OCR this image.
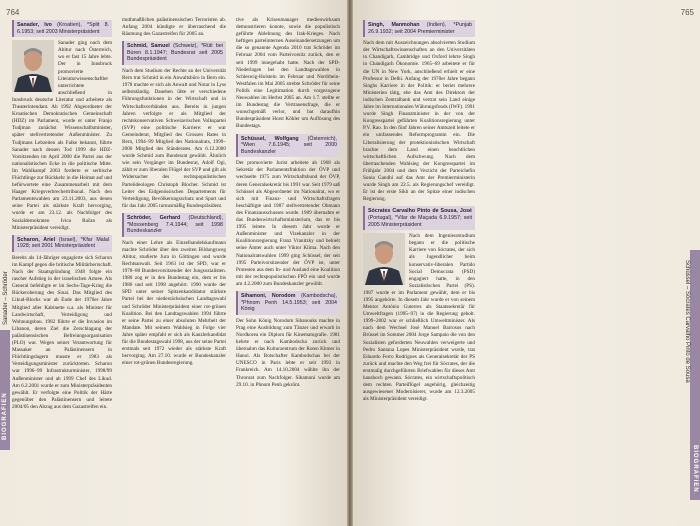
764
Sanader, Ivo (Kroatien), *Split 8. 6.1953; seit 2003 Ministerpräsident

Sanader ging nach dem Abitur nach Österreich, wo er fast 15 Jahre lebte. Der in Innsbruck promovierte Literaturwissenschaftler unterrichtete anschließend in Innsbruck deutsche Literatur und arbeitete als Theaterintendant. Ab 1992 Abgeordneter der Kroatischen Demokratischen Gemeinschaft (HDZ) im Parlament, wurde er unter Franjo Tudjman zunächst Wissenschaftsminister, später stellvertretender Außenminister. Zu Tudjmans Lebzeiten als Falke bekannt, führte Sanader nach dessen Tod 1999 die HDZ-Vorsitzenden im April 2000 die Partei aus der nationalistischen Ecke in die politische Mitte. Im Wahlkampf 2003 forderte er serbische Flüchtlinge zur Rückkehr in die Heimat auf und befürwortete eine Zusammenarbeit mit dem Haager Kriegsverbrechertribunal. Nach den Parlamentswahlen am 23.11.2003, aus denen seine Partei als stärkste Kraft hervorging, wurde er am 23.12. als Nachfolger des Sozialdemokraten Ivica Račan als Ministerpräsident vereidigt.

Scharon, Ariel (Israel), *Kfar Malal 1928; seit 2001 Ministerpräsident

Bereits als 14-Jähriger engagierte sich Scharon im Kampf gegen die britische Militärherrschaft. Nach der Staatsgründung 1948 folgte ein rascher Aufstieg in der israelischen Armee. Als General befehligte er im Sechs-Tage-Krieg die Rückeroberung des Sinai. Das Mitglied des Likud-Blocks war ab Ende der 1970er Jahre Mitglied aller Kabinette u.a. als Minister für Landwirtschaft, Verteidigung und Wohnungsbau. 1982 führte er die Invasion im Libanon, deren Ziel die Zerschlagung der palästinensischen Befreiungsorganisation (PLO) war. Wegen seiner Verantwortung für Massaker an Palästinensern in Flüchtlingslagern musste er 1983 als Verteidigungsminister zurücktreten. Scharon war 1996–99 Infrastrukturminister, 1998/99 Außenminister und ab 1999 Chef des Likud. Am 6.2.2001 wurde er zum Ministerpräsidenten gewählt. Er verfolgte eine Politik der Härte gegenüber den Palästinensern und leitete 2004/05 den Abzug aus dem Gazastreifen ein.

muthmaßlichen palästinensischen Terroristen ab. Anfang 2004 kündigte er überraschend die Räumung des Gazastreifen für 2005 an.

Schmid, Samuel (Schweiz), *Rüti bei Büren 8.1.1947; Bundesrat seit 2005 Bundespräsident

Nach dem Studium der Rechte an der Universität Bern trat Schmid in ein Anwaltsbüro in Bern ein. 1978 machte er sich als Anwalt und Notar in Lyss selbstständig. Daneben übte er verschiedene Führungsfunktionen in der Wirtschaft und in Wirtschaftsverbänden aus. Bereits in jungen Jahren verfolgte er als Mitglied der rechtskonservativen Schweizerischen Volkspartei (SVP) eine politische Karriere: er war Gemeinderat, Mitglied des Grossen Rates in Bern, 1994–99 Mitglied des Nationalrats, 1999–2000 Mitglied des Ständerates. Am 6.12.2000 wurde Schmid zum Bundesrat gewählt. Ähnlich wie sein Vorgänger im Bundesrat, Adolf Ogi, zählt er zum liberalen Flügel der SVP und gilt als Widersacher des rechtspopulistischen Parteiideologen Christoph Blocher. Schmid ist Leiter des Eidgenössischen Departements für Verteidigung, Bevölkerungsschutz und Sport und für das Jahr 2005 turnusmäßig Bundespräsident.

Schröder, Gerhard (Deutschland), *Mossenberg 7.4.1944; seit 1998 Bundeskanzler

Nach einer Lehre als Einzelhandelskaufmann machte Schröder über den zweiten Bildungsweg Abitur, studierte Jura in Göttingen und wurde Rechtsanwalt. Seit 1963 ist der SPD, war er 1978–80 Bundesvorsitzender der Jungsozialisten. 1980 zog er in den Bundestag ein, dem er bis 1986 und seit 1998 angehört. 1990 wurde der SPD unter seiner Spitzenkandidatur stärkste Partei bei der niedersächsischen Landtagswahl und Schröder Ministerpräsident einer rot-grünen Koalition. Bei den Landtagswahlen 1994 führte er seine Partei zu einer absoluten Mehrheit der Mandate. Mit seinem Wahlsieg in Folge vier Jahre später empfahl er sich als Kanzlerkandidat für die Bundestagswahl 1998, aus der seine Partei erstmals seit 1972 wieder als stärkste Kraft hervorging. Am 27.10. wurde er Bundeskanzler einer rot-grünen Bundesregierung.

tive als Krisenmanager medienwirksam demonstrieren konnte, sowie die populistisch geführte Ablehnung des Irak-Krieges. Nach heftigen parteiinternen Auseinandersetzungen um die so genannte Agenda 2010 trat Schröder im Februar 2004 vom Parteivorsitz zurück, den er seit 1999 innegehabt hatte. Nach der SPD-Niederlagen bei den Landtagswahlen in Schleswig-Holstein im Februar und Nordrhein-Westfalen im Mai 2005 strebte Schröder für seine Politik eine Legitimation durch vorgezogene Neuwahlen im Herbst 2005 an. Am 1.7. stellte er im Bundestag die Vertrauensfrage, die er wunschgemäß verlor, und bat daraufhin Bundespräsident Horst Köhler um Auflösung des Bundestags.

Schüssel, Wolfgang (Österreich), *Wien 7.6.1945; seit 2000 Bundeskanzler

Der promovierte Jurist arbeitete ab 1968 als Sekretär der Parlamentsfraktion der ÖVP und wechselte 1975 zum Wirtschaftsbund der ÖVP, deren Generalsekretär bis 1991 war. Seit 1979 saß Schüssel als Abgeordneter im Nationalrat, wo er sich mit Finanz- und Wirtschaftsfragen beschäftigte und 1987 stellvertretender Obmann des Finanzausschusses wurde. 1989 übernahm er das Bundeswirtschaftsministerium, das er bis 1995 leitete. In diesem Jahr wurde er Außenminister und Vizekanzler in der Koalitionsregierung Franz Vranitzky und behielt seine Ämter auch unter Viktor Klima. Nach den Nationalratswahlen 1999 ging Schüssel, der seit 1995 Parteivorsitzender der ÖVP ist, unter Protesten aus dem In- und Ausland eine Koalition mit der rechtspopulistischen FPÖ ein und wurde am 4.2.2000 zum Bundeskanzler gewählt.

Sihamoni, Norodom (Kambodscha), *Phnom Penh 14.5.1953; seit 2004 König

Der Sohn König Norodom Sihanouks machte in Prag eine Ausbildung zum Tänzer und erwarb in Nordkorea ein Diplom für Kinematografie. 1981 kehrte er nach Kambodscha zurück und übernahm das Kulturzentrum der Roten Khmer in Hanoi. Als Botschafter Kambodschas bei der UNESCO in Paris lebte er seit 1993 in Frankreich. Am 14.10.2004 wählte ihn der Thronrat zum Nachfolger. Sihamoni wurde am 29.10. in Phnom Penh gekrönt.

Sanader – Schröder
BIOGRAFIEN
765
Singh, Manmohan (Indien), *Punjab 26.9.1932; seit 2004 Premierminister

Nach dem mit Auszeichnungen absolvierten Studium der Wirtschaftswissenschaften an den Universitäten in Chandigarh, Cambridge und Oxford lehrte Singh in Chandigarh Ökonomie. 1965–69 arbeitete er für die UN in New York, anschließend erhielt er eine Professur in Delhi. Anfang der 1970er Jahre begann Singhs Karriere in der Politik: er beriet mehrere Ministerien tätig, ehe das Amt des Direktors der indischen Zentralbank und vertrat sein Land einige Jahre im Internationalen Währungsfonds (IWF). 1991 wurde Singh Finanzminister in der von der Kongresspartei geführten Koalitionsregierung unter P.V. Rao. In den fünf Jahren seiner Amtszeit leitete er ein umfassendes Reformprogramm ein. Die Liberalisierung der protektionistischen Wirtschaft brachte dem Land einen beachtlichen wirtschaftlichen Aufschwung. Nach dem überraschenden Wahlsieg der Kongresspartei im Frühjahr 2004 und dem Verzicht der Parteichefin Sonia Gandhi auf das Amt der Premierministerin wurde Singh am 22.5. als Regierungschef vereidigt. Er ist der erste Sikh an der Spitze einer indischen Regierung.

Sócrates Carvalho Pinto de Sousa, José (Portugal), *Vilar de Maçada 6.9.1957; seit 2005 Ministerpräsident

Nach dem Ingenieurstudium begann er die politische Karriere von Sócrates, der sich als Jugendlicher beim konservativ-liberalen Partido Social Democrata (PSD) engagiert hatte, in den Sozialistischen Partei (PS). 1987 wurde er im Parlament gewählt, dem er bis 1995 angehörte. In diesem Jahr wurde er von seinem Mentor António Guterres als Staatssekretär für Umweltfragen (1995–97) in die Regierung geholt. 1999–2002 war er schließlich Umweltminister. Als nach dem Wechsel José Manuel Barrosos nach Brüssel im Sommer 2004 Jorge Sampaio die von den Sozialisten geforderten Neuwahlen verweigerte und Pedro Santana Lopes Ministerpräsident wurde, trat Eduardo Ferro Rodrigues als Generalsekretär der PS zurück und machte den Weg frei für Sócrates, der die erstmalig durchgeführten Briefwahlen für dieses Amt haushoch gewann. Sócrates, ein wirtschaftspolitisch dem rechten Parteiflügel angehörig, gleichzeitig ausgewiesener Modernisierer, wurde am 12.3.2005 als Ministerpräsident vereidigt.

Schüssel – Sócrates Carvalho Pinto de Sousa
BIOGRAFIEN
